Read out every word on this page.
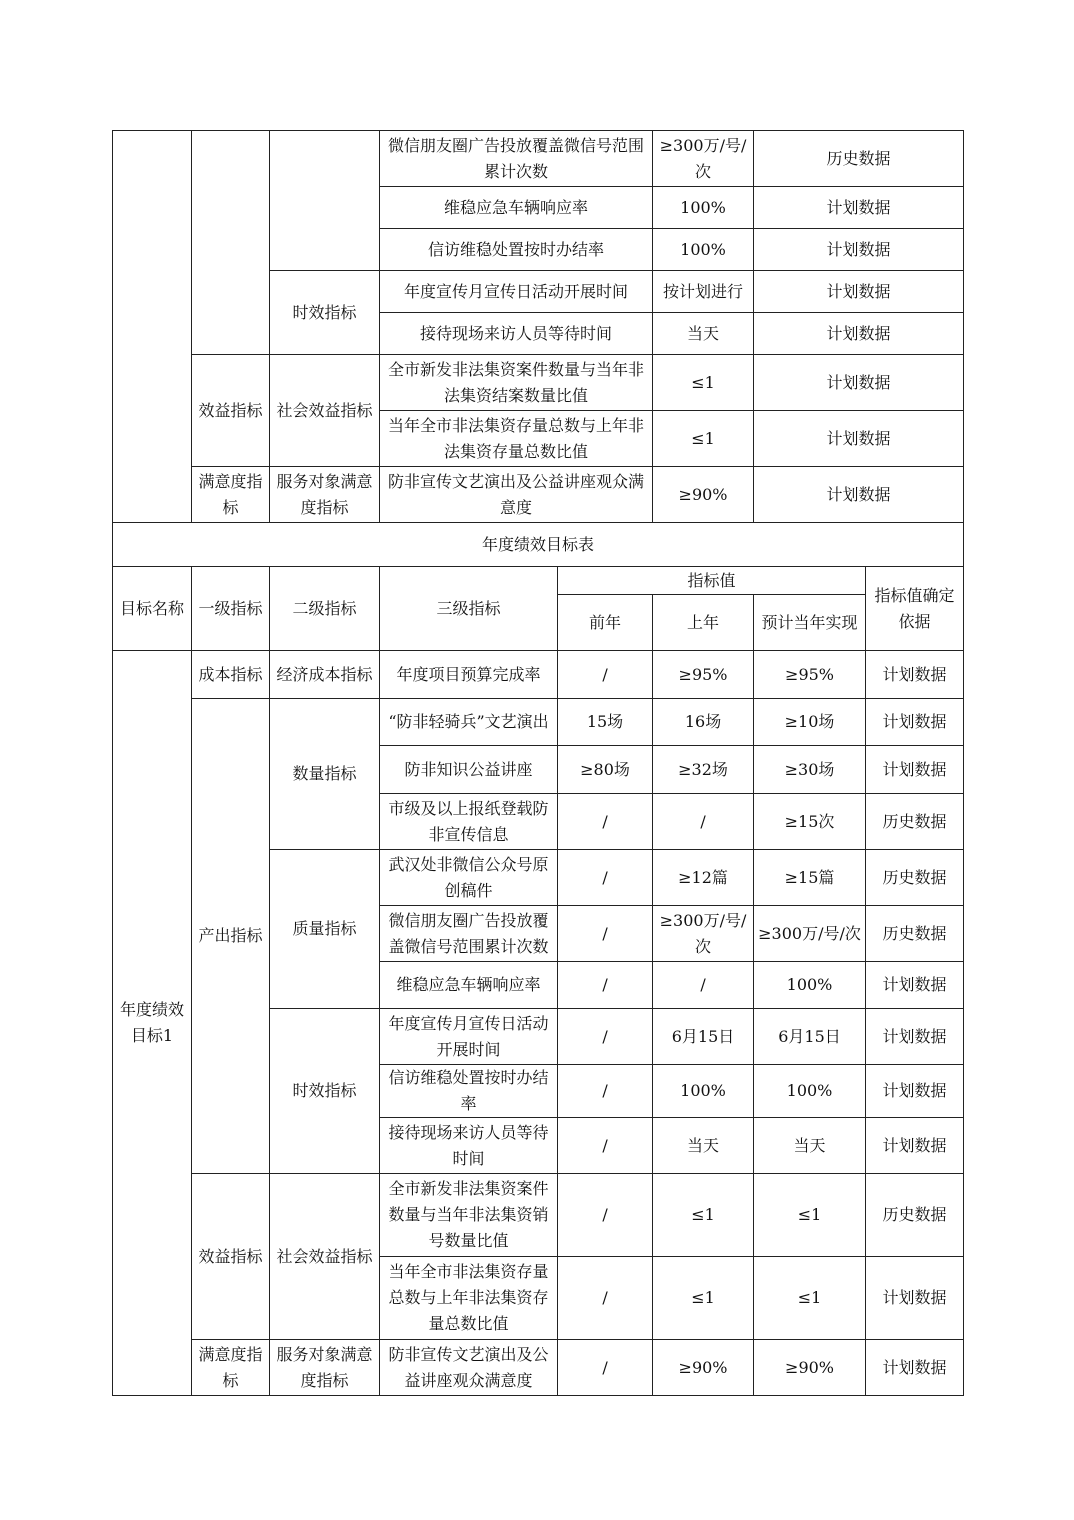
			微信朋友圈广告投放覆盖微信号范围累计次数		≥300万/号/次	历史数据	
			维稳应急车辆响应率		100%	计划数据	
			信访维稳处置按时办结率		100%	计划数据	
		时效指标	年度宣传月宣传日活动开展时间		按计划进行	计划数据	
			接待现场来访人员等待时间		当天	计划数据	
	效益指标	社会效益指标	全市新发非法集资案件数量与当年非法集资结案数量比值		≤1	计划数据	
			当年全市非法集资存量总数与上年非法集资存量总数比值		≤1	计划数据	
	满意度指标	服务对象满意度指标	防非宣传文艺演出及公益讲座观众满意度		≥90%	计划数据	
年度绩效目标表							
目标名称	一级指标	二级指标	三级指标	指标值			指标值确定依据
				前年	上年	预计当年实现	
年度绩效目标1	成本指标	经济成本指标	年度项目预算完成率	/	≥95%	≥95%	计划数据
	产出指标	数量指标	“防非轻骑兵”文艺演出	15场	16场	≥10场	计划数据
			防非知识公益讲座	≥80场	≥32场	≥30场	计划数据
			市级及以上报纸登载防非宣传信息	/	/	≥15次	历史数据
		质量指标	武汉处非微信公众号原创稿件	/	≥12篇	≥15篇	历史数据
			微信朋友圈广告投放覆盖微信号范围累计次数	/	≥300万/号/次	≥300万/号/次	历史数据
			维稳应急车辆响应率	/	/	100%	计划数据
		时效指标	年度宣传月宣传日活动开展时间	/	6月15日	6月15日	计划数据
			信访维稳处置按时办结率	/	100%	100%	计划数据
			接待现场来访人员等待时间	/	当天	当天	计划数据
	效益指标	社会效益指标	全市新发非法集资案件数量与当年非法集资销号数量比值	/	≤1	≤1	历史数据
			当年全市非法集资存量总数与上年非法集资存量总数比值	/	≤1	≤1	计划数据
	满意度指标	服务对象满意度指标	防非宣传文艺演出及公益讲座观众满意度	/	≥90%	≥90%	计划数据
